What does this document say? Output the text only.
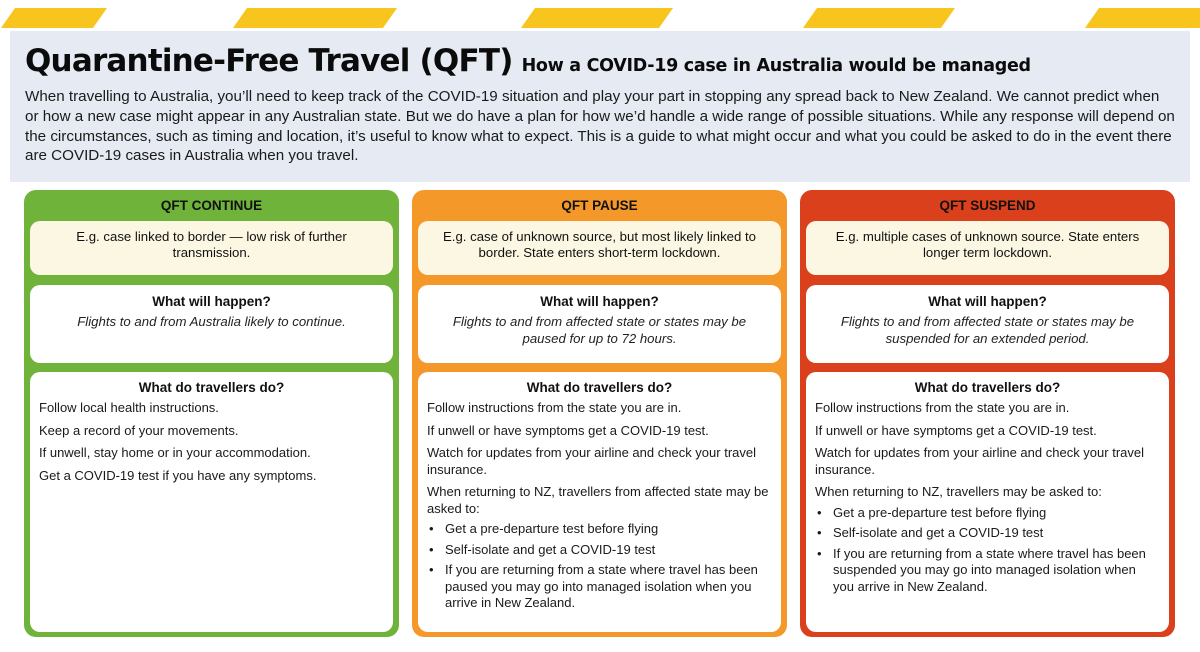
Quarantine-Free Travel (QFT) How a COVID-19 case in Australia would be managed

When travelling to Australia, you’ll need to keep track of the COVID-19 situation and play your part in stopping any spread back to New Zealand. We cannot predict when or how a new case might appear in any Australian state. But we do have a plan for how we’d handle a wide range of possible situations. While any response will depend on the circumstances, such as timing and location, it’s useful to know what to expect. This is a guide to what might occur and what you could be asked to do in the event there are COVID-19 cases in Australia when you travel.

QFT CONTINUE
E.g. case linked to border — low risk of further transmission.
What will happen?
Flights to and from Australia likely to continue.
What do travellers do?

Follow local health instructions.

Keep a record of your movements.

If unwell, stay home or in your accommodation.

Get a COVID-19 test if you have any symptoms.

QFT PAUSE
E.g. case of unknown source, but most likely linked to border. State enters short-term lockdown.
What will happen?
Flights to and from affected state or states may be paused for up to 72 hours.
What do travellers do?

Follow instructions from the state you are in.

If unwell or have symptoms get a COVID-19 test.

Watch for updates from your airline and check your travel insurance.

When returning to NZ, travellers from affected state may be asked to:

• Get a pre-departure test before flying
• Self-isolate and get a COVID-19 test
• If you are returning from a state where travel has been paused you may go into managed isolation when you arrive in New Zealand.
QFT SUSPEND
E.g. multiple cases of unknown source. State enters longer term lockdown.
What will happen?
Flights to and from affected state or states may be suspended for an extended period.
What do travellers do?

Follow instructions from the state you are in.

If unwell or have symptoms get a COVID-19 test.

Watch for updates from your airline and check your travel insurance.

When returning to NZ, travellers may be asked to:

• Get a pre-departure test before flying
• Self-isolate and get a COVID-19 test
• If you are returning from a state where travel has been suspended you may go into managed isolation when you arrive in New Zealand.
